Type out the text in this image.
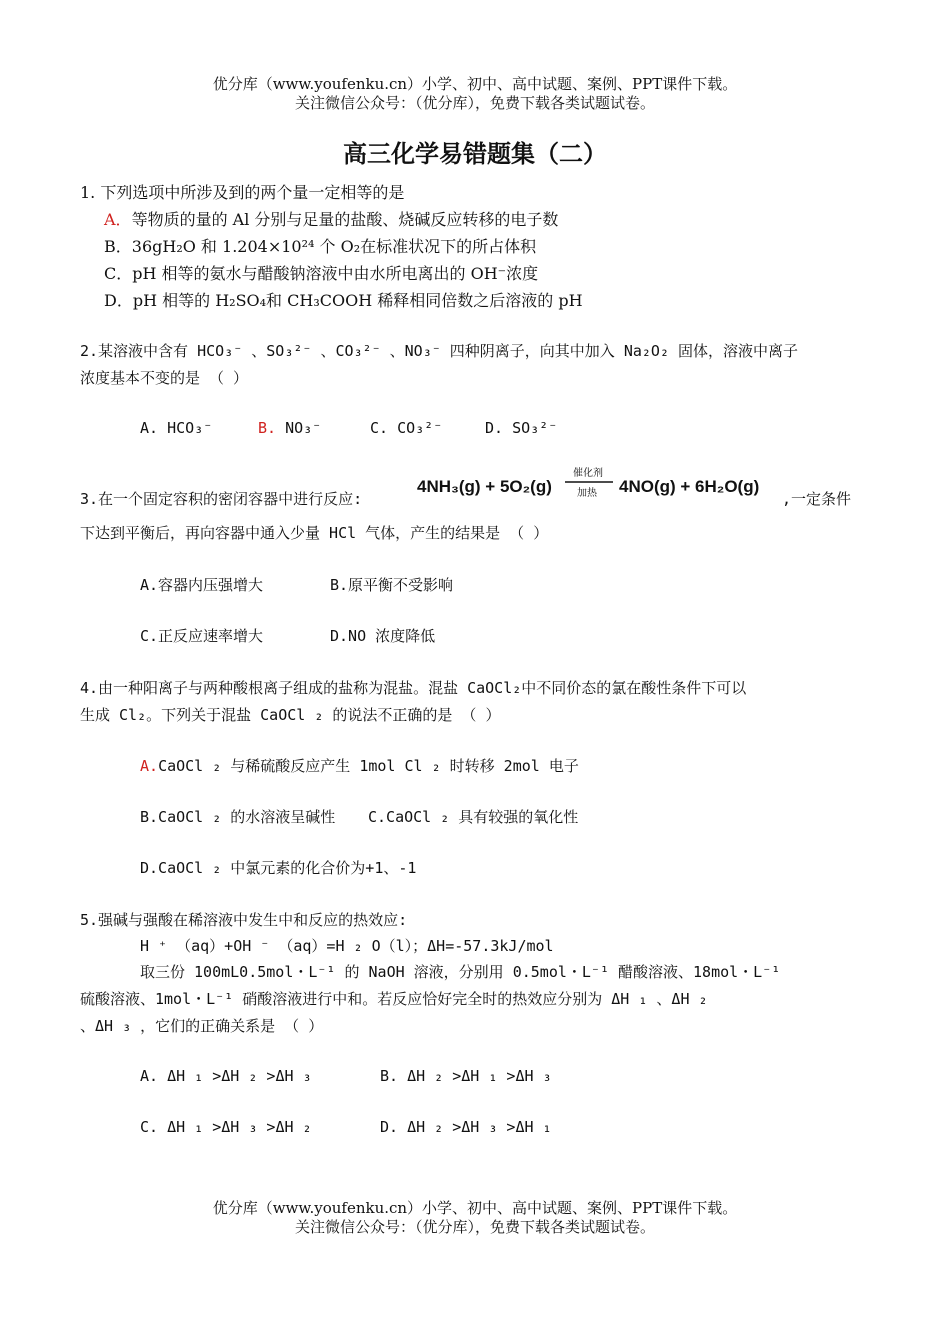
优分库（www.youfenku.cn）小学、初中、高中试题、案例、PPT课件下载。
关注微信公众号：（优分库），免费下载各类试题试卷。
高三化学易错题集（二）
1. 下列选项中所涉及到的两个量一定相等的是
A．等物质的量的 Al 分别与足量的盐酸、烧碱反应转移的电子数
B．36gH₂O 和 1.204×10²⁴ 个 O₂在标准状况下的所占体积
C．pH 相等的氨水与醋酸钠溶液中由水所电离出的 OH⁻浓度
D．pH 相等的 H₂SO₄和 CH₃COOH 稀释相同倍数之后溶液的 pH
2.某溶液中含有 HCO₃⁻ 、SO₃²⁻ 、CO₃²⁻ 、NO₃⁻ 四种阴离子，向其中加入 Na₂O₂ 固体，溶液中离子
浓度基本不变的是 （ ）
A. HCO₃⁻	B. NO₃⁻	C. CO₃²⁻	D. SO₃²⁻
3.在一个固定容积的密闭容器中进行反应:
4NH₃(g) + 5O₂(g)
催化剂
加热 4NO(g) + 6H₂O(g)
,一定条件
下达到平衡后，再向容器中通入少量 HCl 气体，产生的结果是 （ ）
A.容器内压强增大	B.原平衡不受影响
C.正反应速率增大	D.NO 浓度降低
4.由一种阳离子与两种酸根离子组成的盐称为混盐。混盐 CaOCl₂中不同价态的氯在酸性条件下可以
生成 Cl₂。下列关于混盐 CaOCl ₂ 的说法不正确的是 （ ）
A.CaOCl ₂ 与稀硫酸反应产生 1mol Cl ₂ 时转移 2mol 电子
B.CaOCl ₂ 的水溶液呈碱性 C.CaOCl ₂ 具有较强的氧化性
D.CaOCl ₂ 中氯元素的化合价为+1、-1
5.强碱与强酸在稀溶液中发生中和反应的热效应:
H ⁺ （aq）+OH ⁻ （aq）=H ₂ O（l）；ΔH=-57.3kJ/mol
取三份 100mL0.5mol・L⁻¹ 的 NaOH 溶液，分别用 0.5mol・L⁻¹ 醋酸溶液、18mol・L⁻¹
硫酸溶液、1mol・L⁻¹ 硝酸溶液进行中和。若反应恰好完全时的热效应分别为 ΔH ₁ 、ΔH ₂
、ΔH ₃ ，它们的正确关系是 （ ）
A. ΔH ₁ >ΔH ₂ >ΔH ₃	B. ΔH ₂ >ΔH ₁ >ΔH ₃
C. ΔH ₁ >ΔH ₃ >ΔH ₂	D. ΔH ₂ >ΔH ₃ >ΔH ₁
优分库（www.youfenku.cn）小学、初中、高中试题、案例、PPT课件下载。
关注微信公众号：（优分库），免费下载各类试题试卷。
